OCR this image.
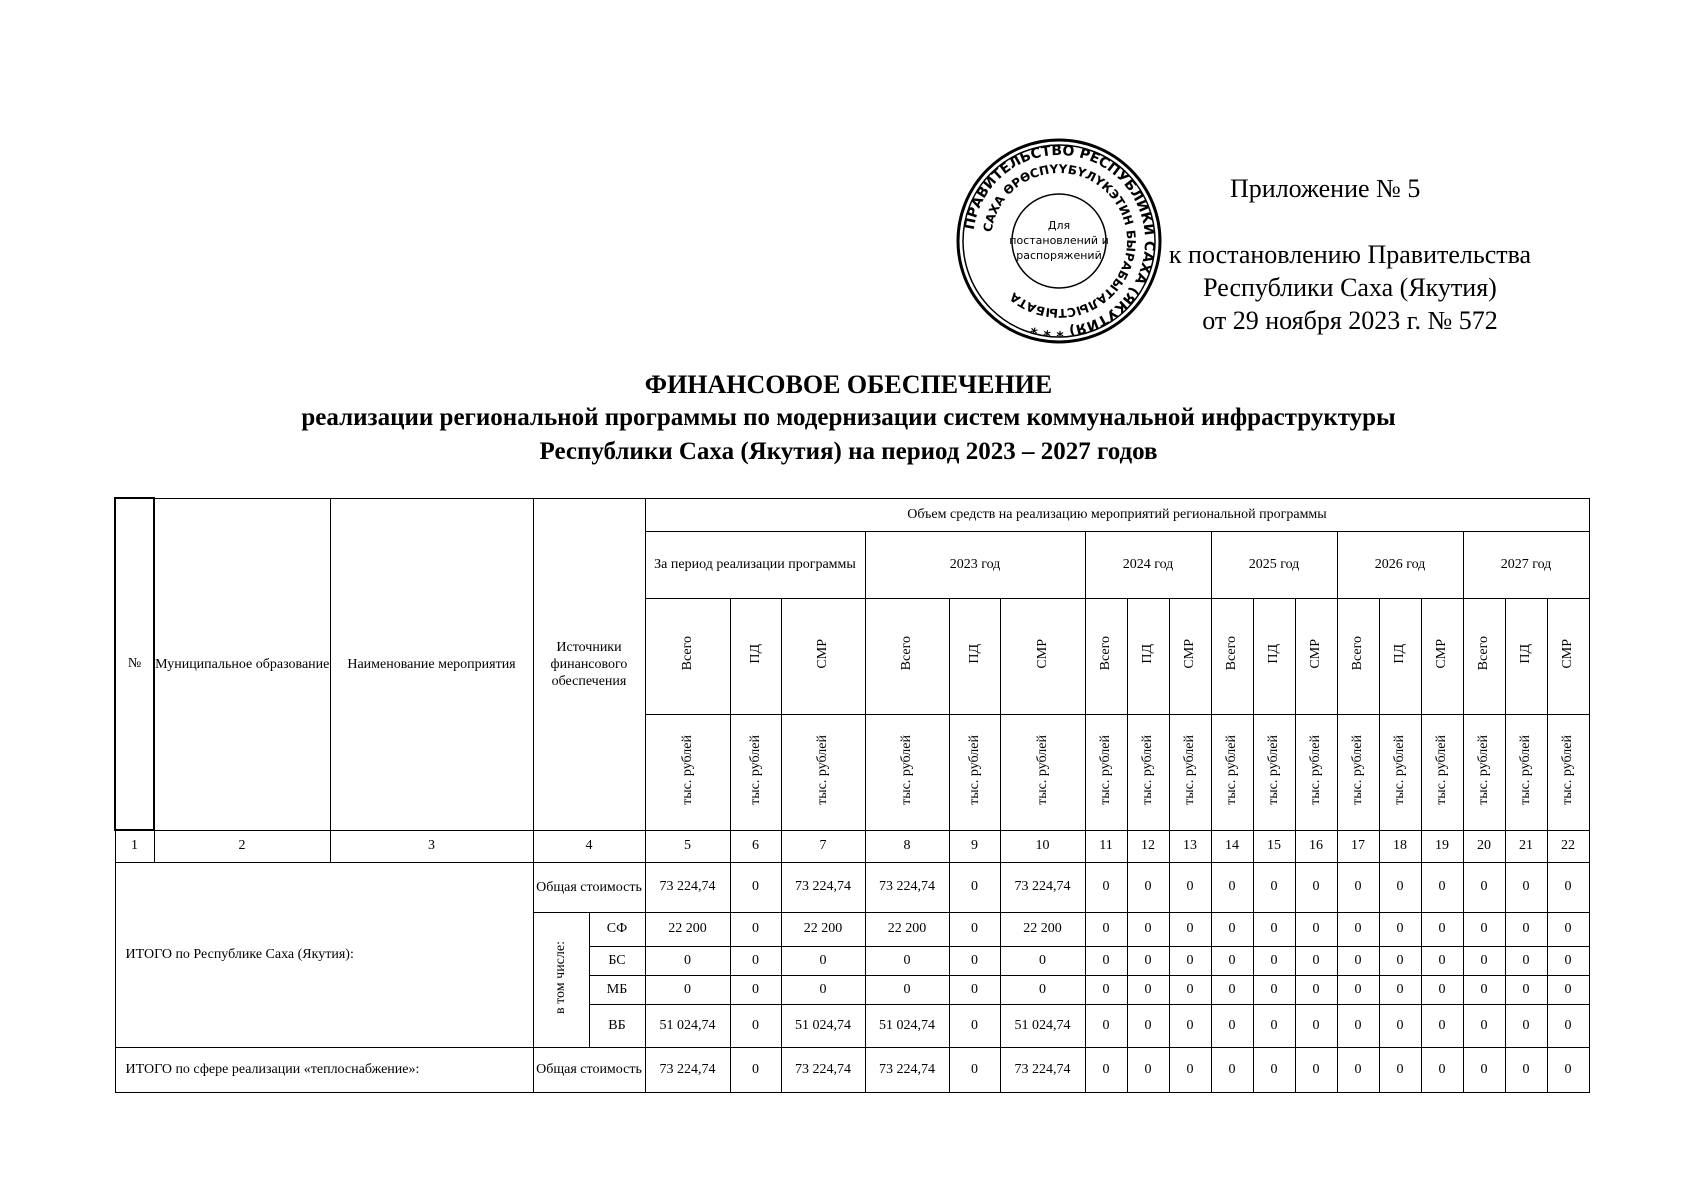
Приложение № 5
к постановлению Правительства
Республики Саха (Якутия)
от 29 ноября 2023 г. № 572
ПРАВИТЕЛЬСТВО РЕСПУБЛИКИ САХА (ЯКУТИЯ) * * *
САХА ӨРӨСПҮҮБҮЛҮКЭТИН БЫРАБЫТАЛЫСТЫБАТА
Для
постановлений и
распоряжений
ФИНАНСОВОЕ ОБЕСПЕЧЕНИЕ
реализации региональной программы по модернизации систем коммунальной инфраструктуры
Республики Саха (Якутия) на период 2023 – 2027 годов
№	Муниципальное образование	Наименование мероприятия	Источники финансового обеспечения		Объем средств на реализацию мероприятий региональной программы																	
					За период реализации программы			2023 год			2024 год			2025 год			2026 год			2027 год		
					Всего	ПД	СМР	Всего	ПД	СМР	Всего	ПД	СМР	Всего	ПД	СМР	Всего	ПД	СМР	Всего	ПД	СМР
					тыс. рублей	тыс. рублей	тыс. рублей	тыс. рублей	тыс. рублей	тыс. рублей	тыс. рублей	тыс. рублей	тыс. рублей	тыс. рублей	тыс. рублей	тыс. рублей	тыс. рублей	тыс. рублей	тыс. рублей	тыс. рублей	тыс. рублей	тыс. рублей
1	2	3	4		5	6	7	8	9	10	11	12	13	14	15	16	17	18	19	20	21	22
ИТОГО по Республике Саха (Якутия):			Общая стоимость		73 224,74	0	73 224,74	73 224,74	0	73 224,74	0	0	0	0	0	0	0	0	0	0	0	0
			в том числе:	СФ	22 200	0	22 200	22 200	0	22 200	0	0	0	0	0	0	0	0	0	0	0	0
				БС	0	0	0	0	0	0	0	0	0	0	0	0	0	0	0	0	0	0
				МБ	0	0	0	0	0	0	0	0	0	0	0	0	0	0	0	0	0	0
				ВБ	51 024,74	0	51 024,74	51 024,74	0	51 024,74	0	0	0	0	0	0	0	0	0	0	0	0
ИТОГО по сфере реализации «теплоснабжение»:			Общая стоимость		73 224,74	0	73 224,74	73 224,74	0	73 224,74	0	0	0	0	0	0	0	0	0	0	0	0
